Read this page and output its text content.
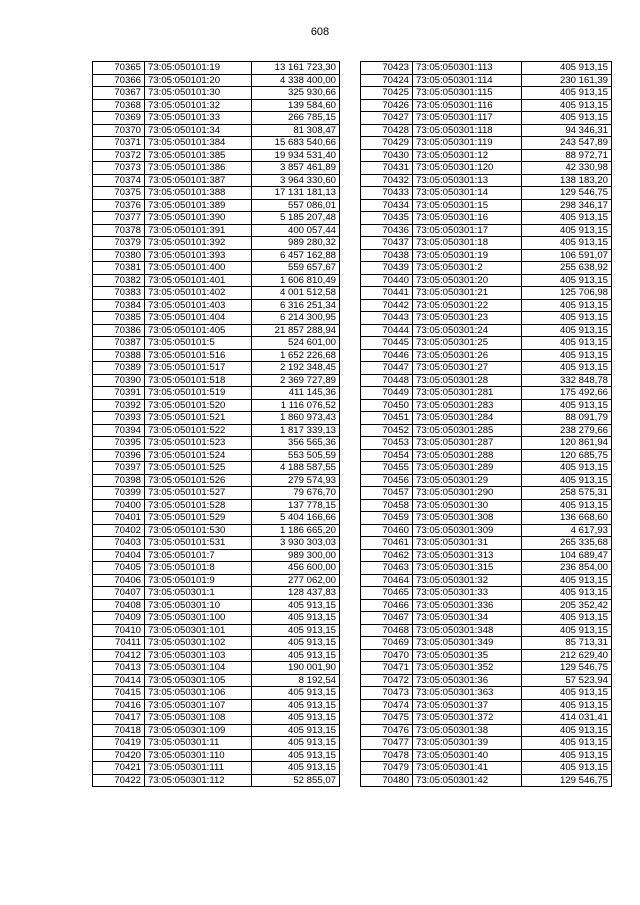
608
70365	73:05:050101:19	13 161 723,30
70366	73:05:050101:20	4 338 400,00
70367	73:05:050101:30	325 930,66
70368	73:05:050101:32	139 584,60
70369	73:05:050101:33	266 785,15
70370	73:05:050101:34	81 308,47
70371	73:05:050101:384	15 683 540,66
70372	73:05:050101:385	19 934 531,40
70373	73:05:050101:386	3 857 461,89
70374	73:05:050101:387	3 964 330,60
70375	73:05:050101:388	17 131 181,13
70376	73:05:050101:389	557 086,01
70377	73:05:050101:390	5 185 207,48
70378	73:05:050101:391	400 057,44
70379	73:05:050101:392	989 280,32
70380	73:05:050101:393	6 457 162,88
70381	73:05:050101:400	559 657,67
70382	73:05:050101:401	1 606 810,49
70383	73:05:050101:402	4 001 512,58
70384	73:05:050101:403	6 316 251,34
70385	73:05:050101:404	6 214 300,95
70386	73:05:050101:405	21 857 288,94
70387	73:05:050101:5	524 601,00
70388	73:05:050101:516	1 652 226,68
70389	73:05:050101:517	2 192 348,45
70390	73:05:050101:518	2 369 727,89
70391	73:05:050101:519	411 145,36
70392	73:05:050101:520	1 116 076,52
70393	73:05:050101:521	1 860 973,43
70394	73:05:050101:522	1 817 339,13
70395	73:05:050101:523	356 565,36
70396	73:05:050101:524	553 505,59
70397	73:05:050101:525	4 188 587,55
70398	73:05:050101:526	279 574,93
70399	73:05:050101:527	79 676,70
70400	73:05:050101:528	137 778,15
70401	73:05:050101:529	5 404 166,66
70402	73:05:050101:530	1 186 665,20
70403	73:05:050101:531	3 930 303,03
70404	73:05:050101:7	989 300,00
70405	73:05:050101:8	456 600,00
70406	73:05:050101:9	277 062,00
70407	73:05:050301:1	128 437,83
70408	73:05:050301:10	405 913,15
70409	73:05:050301:100	405 913,15
70410	73:05:050301:101	405 913,15
70411	73:05:050301:102	405 913,15
70412	73:05:050301:103	405 913,15
70413	73:05:050301:104	190 001,90
70414	73:05:050301:105	8 192,54
70415	73:05:050301:106	405 913,15
70416	73:05:050301:107	405 913,15
70417	73:05:050301:108	405 913,15
70418	73:05:050301:109	405 913,15
70419	73:05:050301:11	405 913,15
70420	73:05:050301:110	405 913,15
70421	73:05:050301:111	405 913,15
70422	73:05:050301:112	52 855,07
70423	73:05:050301:113	405 913,15
70424	73:05:050301:114	230 161,39
70425	73:05:050301:115	405 913,15
70426	73:05:050301:116	405 913,15
70427	73:05:050301:117	405 913,15
70428	73:05:050301:118	94 346,31
70429	73:05:050301:119	243 547,89
70430	73:05:050301:12	88 972,71
70431	73:05:050301:120	42 330,98
70432	73:05:050301:13	138 183,20
70433	73:05:050301:14	129 546,75
70434	73:05:050301:15	298 346,17
70435	73:05:050301:16	405 913,15
70436	73:05:050301:17	405 913,15
70437	73:05:050301:18	405 913,15
70438	73:05:050301:19	106 591,07
70439	73:05:050301:2	255 638,92
70440	73:05:050301:20	405 913,15
70441	73:05:050301:21	125 706,98
70442	73:05:050301:22	405 913,15
70443	73:05:050301:23	405 913,15
70444	73:05:050301:24	405 913,15
70445	73:05:050301:25	405 913,15
70446	73:05:050301:26	405 913,15
70447	73:05:050301:27	405 913,15
70448	73:05:050301:28	332 848,78
70449	73:05:050301:281	175 492,66
70450	73:05:050301:283	405 913,15
70451	73:05:050301:284	88 091,79
70452	73:05:050301:285	238 279,66
70453	73:05:050301:287	120 861,94
70454	73:05:050301:288	120 685,75
70455	73:05:050301:289	405 913,15
70456	73:05:050301:29	405 913,15
70457	73:05:050301:290	258 575,31
70458	73:05:050301:30	405 913,15
70459	73:05:050301:308	136 668,60
70460	73:05:050301:309	4 617,93
70461	73:05:050301:31	265 335,68
70462	73:05:050301:313	104 689,47
70463	73:05:050301:315	236 854,00
70464	73:05:050301:32	405 913,15
70465	73:05:050301:33	405 913,15
70466	73:05:050301:336	205 352,42
70467	73:05:050301:34	405 913,15
70468	73:05:050301:348	405 913,15
70469	73:05:050301:349	85 713,31
70470	73:05:050301:35	212 629,40
70471	73:05:050301:352	129 546,75
70472	73:05:050301:36	57 523,94
70473	73:05:050301:363	405 913,15
70474	73:05:050301:37	405 913,15
70475	73:05:050301:372	414 031,41
70476	73:05:050301:38	405 913,15
70477	73:05:050301:39	405 913,15
70478	73:05:050301:40	405 913,15
70479	73:05:050301:41	405 913,15
70480	73:05:050301:42	129 546,75
